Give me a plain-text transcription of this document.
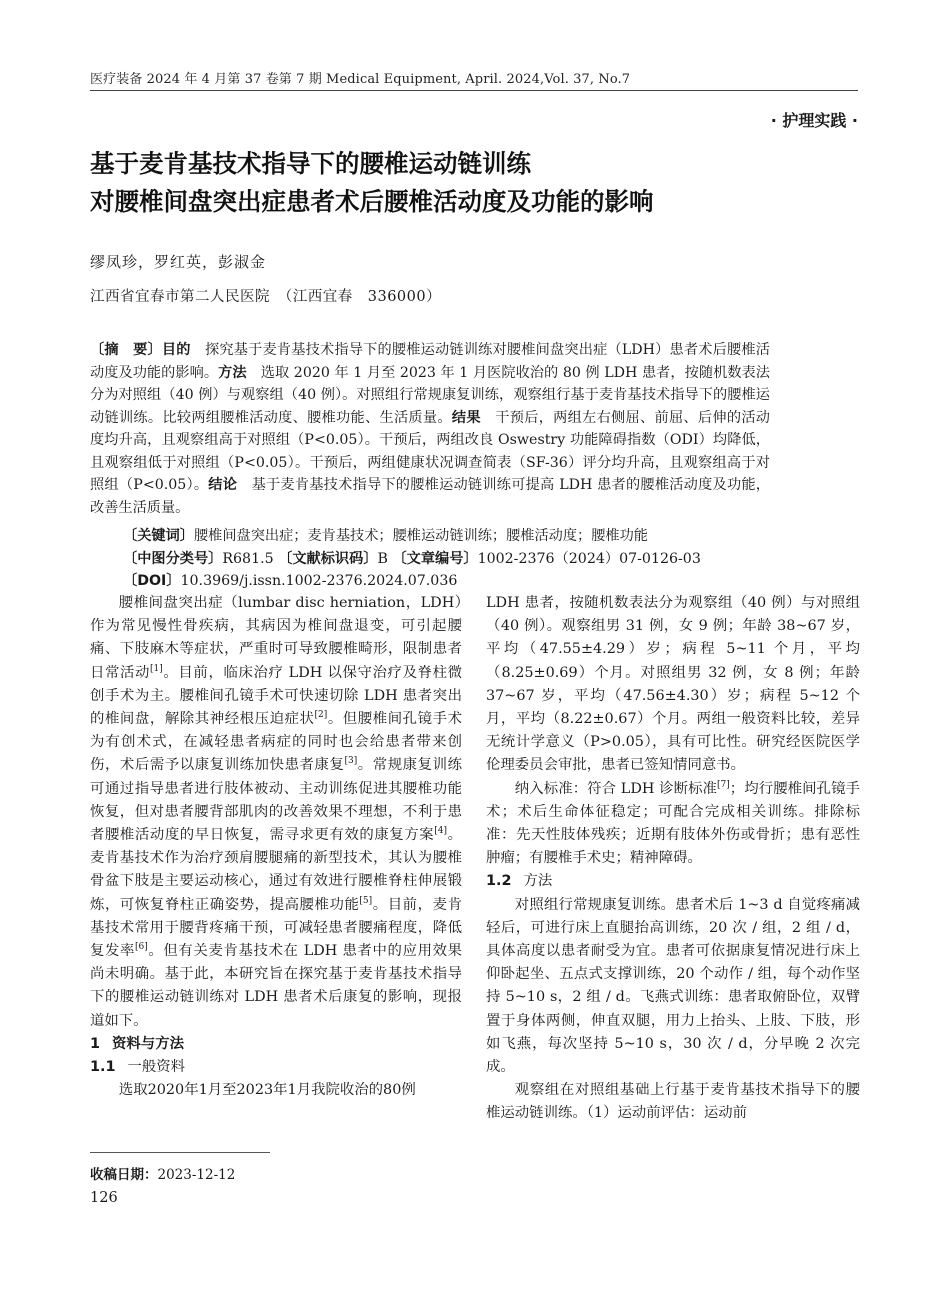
医疗装备 2024 年 4 月第 37 卷第 7 期 Medical Equipment, April. 2024,Vol. 37, No.7
· 护理实践 ·
基于麦肯基技术指导下的腰椎运动链训练
对腰椎间盘突出症患者术后腰椎活动度及功能的影响
缪凤珍，罗红英，彭淑金
江西省宜春市第二人民医院　（江西宜春　336000）
〔摘　要〕目的　探究基于麦肯基技术指导下的腰椎运动链训练对腰椎间盘突出症（LDH）患者术后腰椎活动度及功能的影响。方法　选取 2020 年 1 月至 2023 年 1 月医院收治的 80 例 LDH 患者，按随机数表法分为对照组（40 例）与观察组（40 例）。对照组行常规康复训练，观察组行基于麦肯基技术指导下的腰椎运动链训练。比较两组腰椎活动度、腰椎功能、生活质量。结果　干预后，两组左右侧屈、前屈、后伸的活动度均升高，且观察组高于对照组（P<0.05）。干预后，两组改良 Oswestry 功能障碍指数（ODI）均降低，且观察组低于对照组（P<0.05）。干预后，两组健康状况调查简表（SF-36）评分均升高，且观察组高于对照组（P<0.05）。结论　基于麦肯基技术指导下的腰椎运动链训练可提高 LDH 患者的腰椎活动度及功能，改善生活质量。
〔关键词〕腰椎间盘突出症；麦肯基技术；腰椎运动链训练；腰椎活动度；腰椎功能
〔中图分类号〕R681.5 〔文献标识码〕B 〔文章编号〕1002-2376（2024）07-0126-03
〔DOI〕10.3969/j.issn.1002-2376.2024.07.036

腰椎间盘突出症（lumbar disc herniation，LDH）作为常见慢性骨疾病，其病因为椎间盘退变，可引起腰痛、下肢麻木等症状，严重时可导致腰椎畸形，限制患者日常活动[1]。目前，临床治疗 LDH 以保守治疗及脊柱微创手术为主。腰椎间孔镜手术可快速切除 LDH 患者突出的椎间盘，解除其神经根压迫症状[2]。但腰椎间孔镜手术为有创术式，在减轻患者病症的同时也会给患者带来创伤，术后需予以康复训练加快患者康复[3]。常规康复训练可通过指导患者进行肢体被动、主动训练促进其腰椎功能恢复，但对患者腰背部肌肉的改善效果不理想，不利于患者腰椎活动度的早日恢复，需寻求更有效的康复方案[4]。麦肯基技术作为治疗颈肩腰腿痛的新型技术，其认为腰椎骨盆下肢是主要运动核心，通过有效进行腰椎脊柱伸展锻炼，可恢复脊柱正确姿势，提高腰椎功能[5]。目前，麦肯基技术常用于腰背疼痛干预，可减轻患者腰痛程度，降低复发率[6]。但有关麦肯基技术在 LDH 患者中的应用效果尚未明确。基于此，本研究旨在探究基于麦肯基技术指导下的腰椎运动链训练对 LDH 患者术后康复的影响，现报道如下。

1 资料与方法

1.1 一般资料

选取2020年1月至2023年1月我院收治的80例

LDH 患者，按随机数表法分为观察组（40 例）与对照组（40 例）。观察组男 31 例，女 9 例；年龄 38~67 岁，平均（47.55±4.29）岁；病程 5~11 个月，平均（8.25±0.69）个月。对照组男 32 例，女 8 例；年龄 37~67 岁，平均（47.56±4.30）岁；病程 5~12 个月，平均（8.22±0.67）个月。两组一般资料比较，差异无统计学意义（P>0.05），具有可比性。研究经医院医学伦理委员会审批，患者已签知情同意书。

纳入标准：符合 LDH 诊断标准[7]；均行腰椎间孔镜手术；术后生命体征稳定；可配合完成相关训练。排除标准：先天性肢体残疾；近期有肢体外伤或骨折；患有恶性肿瘤；有腰椎手术史；精神障碍。

1.2 方法

对照组行常规康复训练。患者术后 1~3 d 自觉疼痛减轻后，可进行床上直腿抬高训练，20 次 / 组，2 组 / d，具体高度以患者耐受为宜。患者可依据康复情况进行床上仰卧起坐、五点式支撑训练，20 个动作 / 组，每个动作坚持 5~10 s，2 组 / d。飞燕式训练：患者取俯卧位，双臂置于身体两侧，伸直双腿，用力上抬头、上肢、下肢，形如飞燕，每次坚持 5~10 s，30 次 / d，分早晚 2 次完成。

观察组在对照组基础上行基于麦肯基技术指导下的腰椎运动链训练。（1）运动前评估：运动前

收稿日期：2023-12-12
126
